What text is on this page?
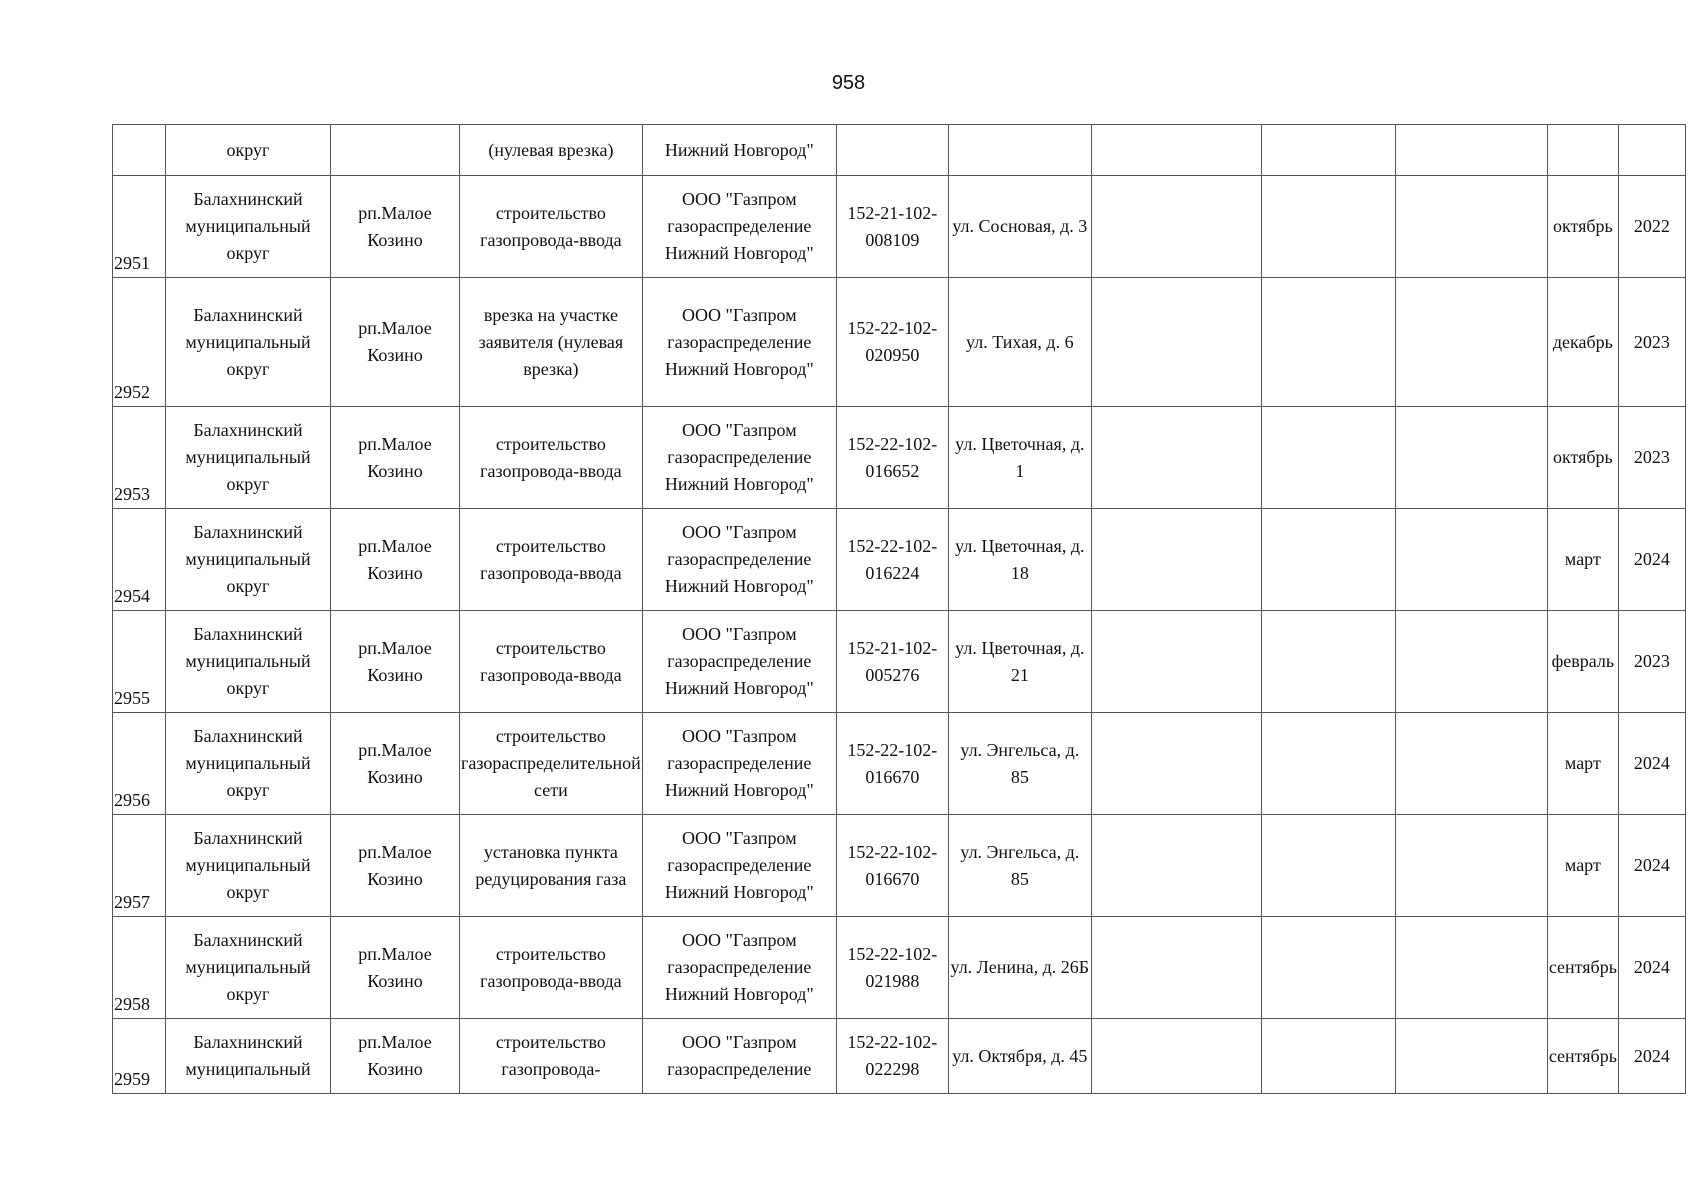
958
	округ		(нулевая врезка)	Нижний Новгород"							
2951	Балахнинский муниципальный округ	рп.Малое Козино	строительство газопровода-ввода	ООО "Газпром газораспределение Нижний Новгород"	152-21-102-008109	ул. Сосновая, д. 3				октябрь	2022
2952	Балахнинский муниципальный округ	рп.Малое Козино	врезка на участке заявителя (нулевая врезка)	ООО "Газпром газораспределение Нижний Новгород"	152-22-102-020950	ул. Тихая, д. 6				декабрь	2023
2953	Балахнинский муниципальный округ	рп.Малое Козино	строительство газопровода-ввода	ООО "Газпром газораспределение Нижний Новгород"	152-22-102-016652	ул. Цветочная, д. 1				октябрь	2023
2954	Балахнинский муниципальный округ	рп.Малое Козино	строительство газопровода-ввода	ООО "Газпром газораспределение Нижний Новгород"	152-22-102-016224	ул. Цветочная, д. 18				март	2024
2955	Балахнинский муниципальный округ	рп.Малое Козино	строительство газопровода-ввода	ООО "Газпром газораспределение Нижний Новгород"	152-21-102-005276	ул. Цветочная, д. 21				февраль	2023
2956	Балахнинский муниципальный округ	рп.Малое Козино	строительство газораспределительной сети	ООО "Газпром газораспределение Нижний Новгород"	152-22-102-016670	ул. Энгельса, д. 85				март	2024
2957	Балахнинский муниципальный округ	рп.Малое Козино	установка пункта редуцирования газа	ООО "Газпром газораспределение Нижний Новгород"	152-22-102-016670	ул. Энгельса, д. 85				март	2024
2958	Балахнинский муниципальный округ	рп.Малое Козино	строительство газопровода-ввода	ООО "Газпром газораспределение Нижний Новгород"	152-22-102-021988	ул. Ленина, д. 26Б				сентябрь	2024
2959	Балахнинский муниципальный	рп.Малое Козино	строительство газопровода-	ООО "Газпром газораспределение	152-22-102-022298	ул. Октября, д. 45				сентябрь	2024
